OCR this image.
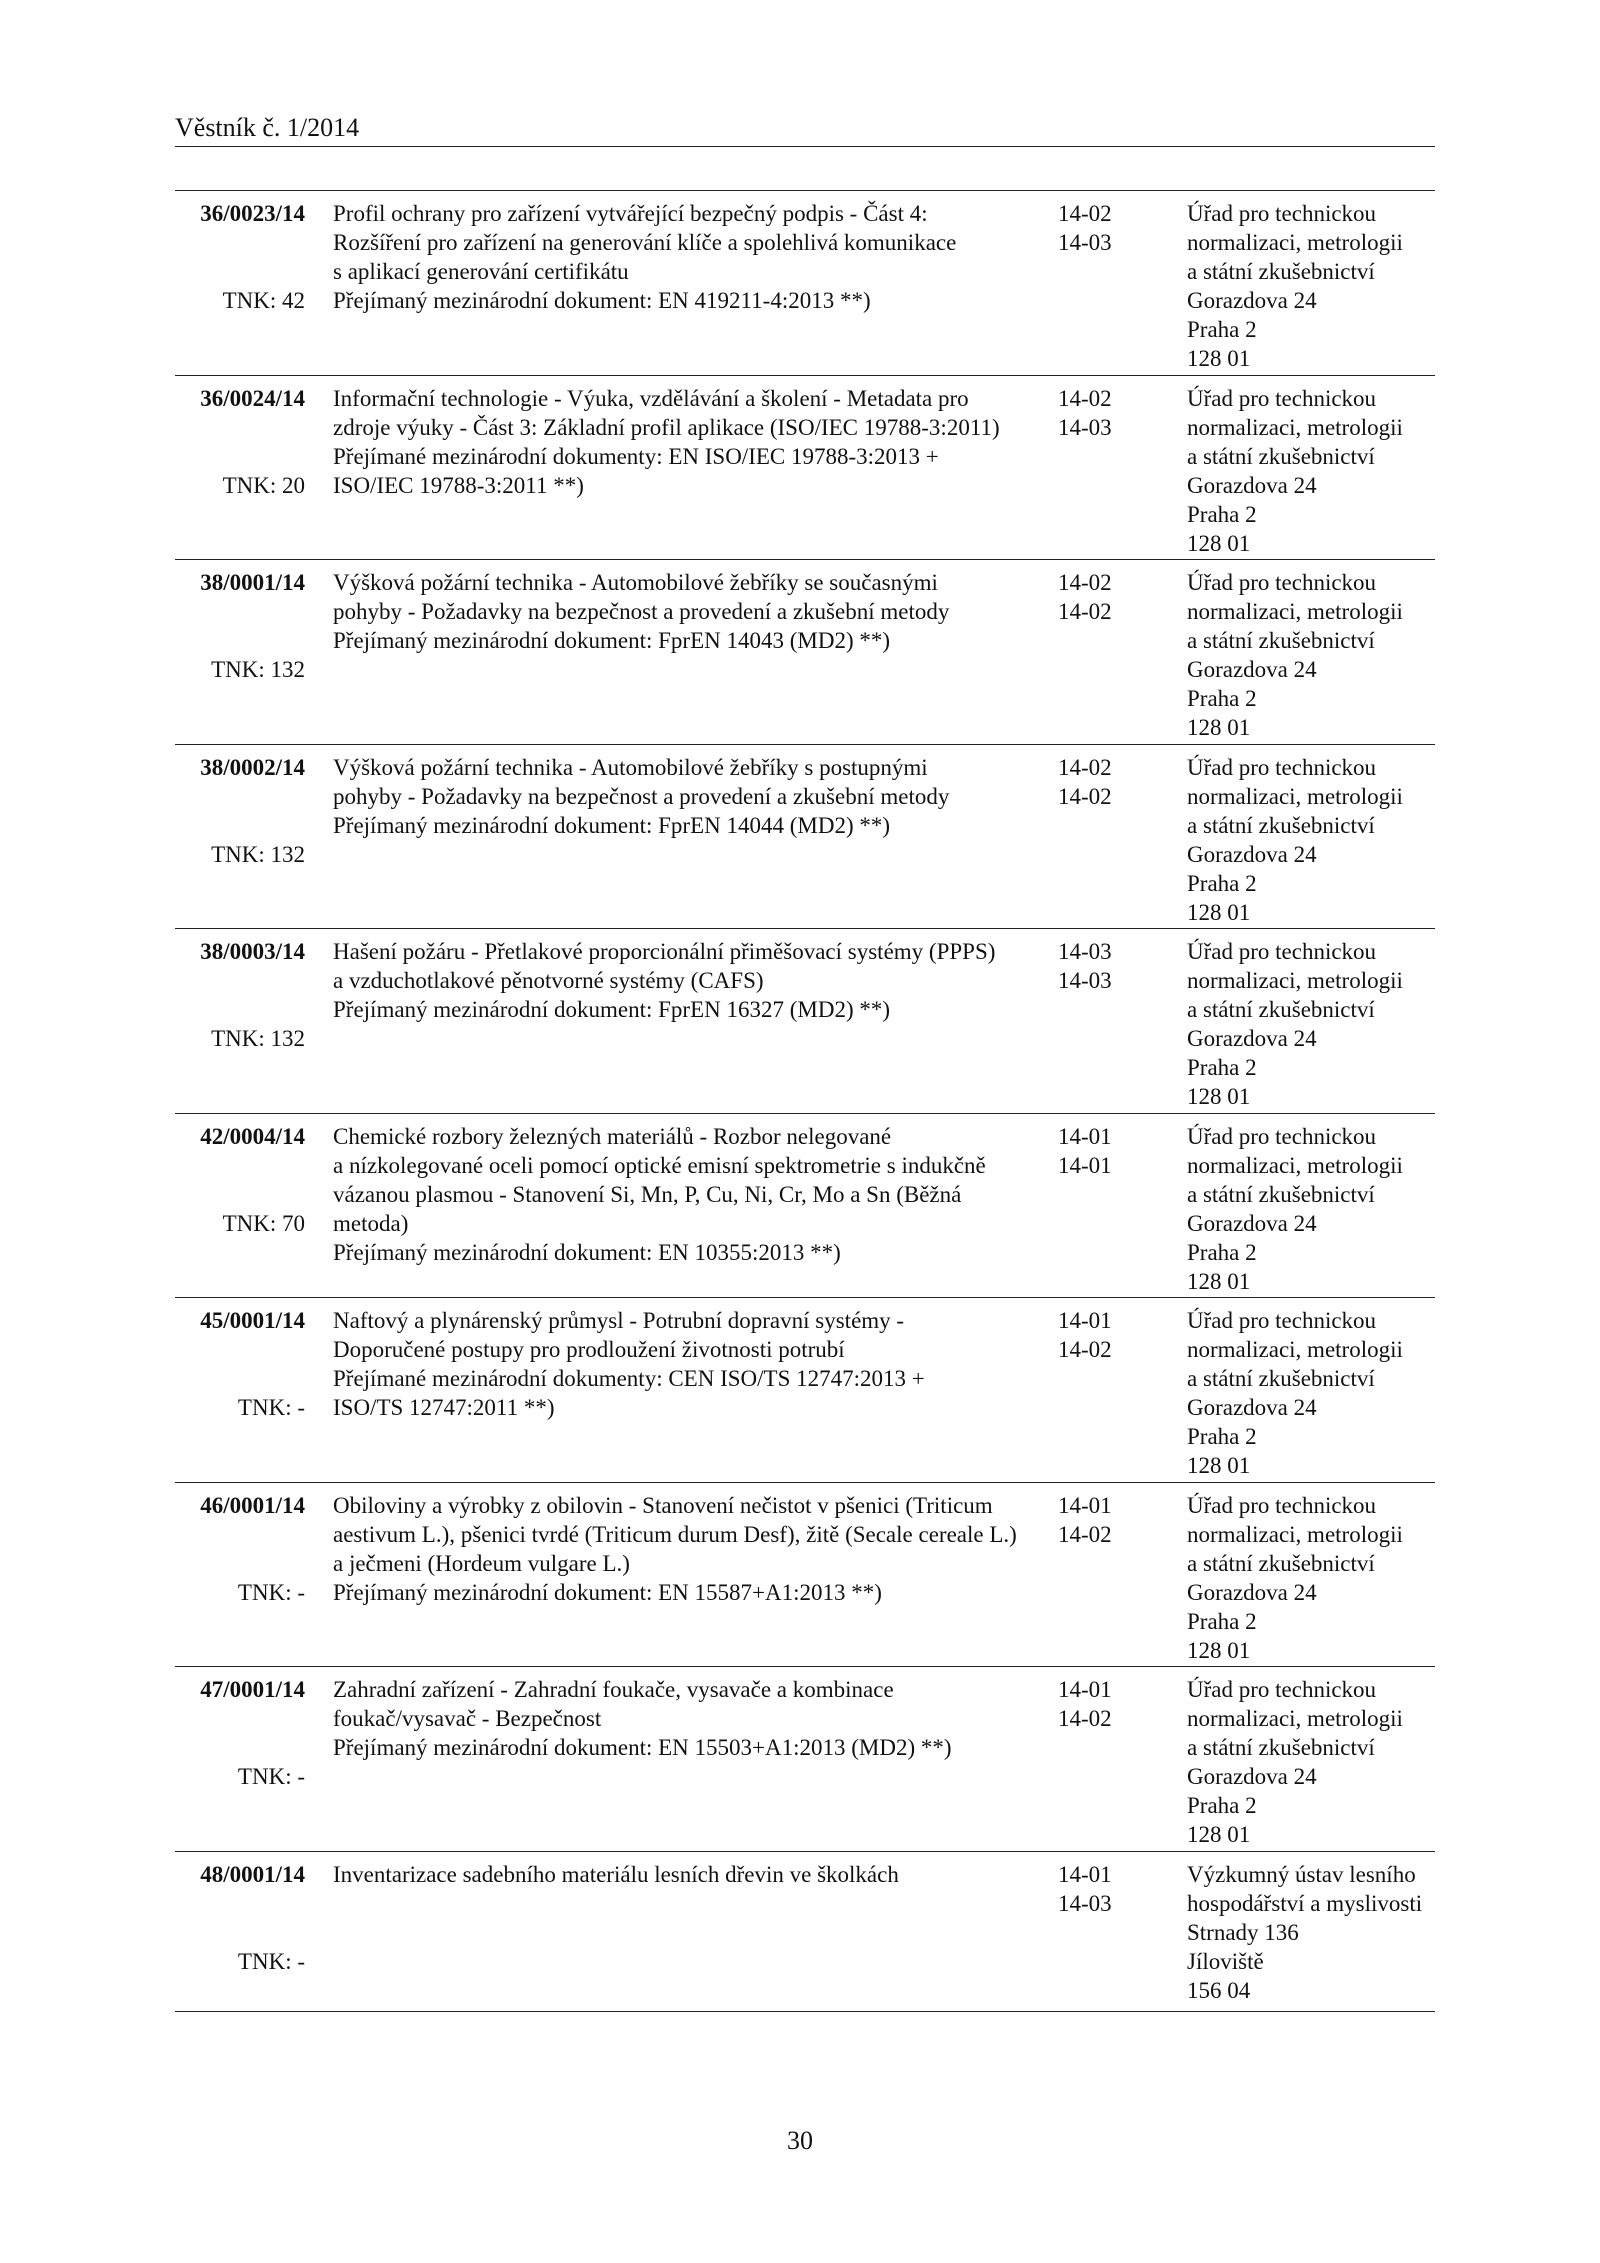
Věstník č. 1/2014
36/0023/14
TNK: 42
Profil ochrany pro zařízení vytvářející bezpečný podpis - Část 4:
Rozšíření pro zařízení na generování klíče a spolehlivá komunikace
s aplikací generování certifikátu
Přejímaný mezinárodní dokument: EN 419211-4:2013 **)
14-02
14-03
Úřad pro technickou
normalizaci, metrologii
a státní zkušebnictví
Gorazdova 24
Praha 2
128 01
36/0024/14
TNK: 20
Informační technologie - Výuka, vzdělávání a školení - Metadata pro
zdroje výuky - Část 3: Základní profil aplikace (ISO/IEC 19788-3:2011)
Přejímané mezinárodní dokumenty: EN ISO/IEC 19788-3:2013 +
ISO/IEC 19788-3:2011 **)
14-02
14-03
Úřad pro technickou
normalizaci, metrologii
a státní zkušebnictví
Gorazdova 24
Praha 2
128 01
38/0001/14
TNK: 132
Výšková požární technika - Automobilové žebříky se současnými
pohyby - Požadavky na bezpečnost a provedení a zkušební metody
Přejímaný mezinárodní dokument: FprEN 14043 (MD2) **)
14-02
14-02
Úřad pro technickou
normalizaci, metrologii
a státní zkušebnictví
Gorazdova 24
Praha 2
128 01
38/0002/14
TNK: 132
Výšková požární technika - Automobilové žebříky s postupnými
pohyby - Požadavky na bezpečnost a provedení a zkušební metody
Přejímaný mezinárodní dokument: FprEN 14044 (MD2) **)
14-02
14-02
Úřad pro technickou
normalizaci, metrologii
a státní zkušebnictví
Gorazdova 24
Praha 2
128 01
38/0003/14
TNK: 132
Hašení požáru - Přetlakové proporcionální přiměšovací systémy (PPPS)
a vzduchotlakové pěnotvorné systémy (CAFS)
Přejímaný mezinárodní dokument: FprEN 16327 (MD2) **)
14-03
14-03
Úřad pro technickou
normalizaci, metrologii
a státní zkušebnictví
Gorazdova 24
Praha 2
128 01
42/0004/14
TNK: 70
Chemické rozbory železných materiálů - Rozbor nelegované
a nízkolegované oceli pomocí optické emisní spektrometrie s indukčně
vázanou plasmou - Stanovení Si, Mn, P, Cu, Ni, Cr, Mo a Sn (Běžná
metoda)
Přejímaný mezinárodní dokument: EN 10355:2013 **)
14-01
14-01
Úřad pro technickou
normalizaci, metrologii
a státní zkušebnictví
Gorazdova 24
Praha 2
128 01
45/0001/14
TNK: -
Naftový a plynárenský průmysl - Potrubní dopravní systémy -
Doporučené postupy pro prodloužení životnosti potrubí
Přejímané mezinárodní dokumenty: CEN ISO/TS 12747:2013 +
ISO/TS 12747:2011 **)
14-01
14-02
Úřad pro technickou
normalizaci, metrologii
a státní zkušebnictví
Gorazdova 24
Praha 2
128 01
46/0001/14
TNK: -
Obiloviny a výrobky z obilovin - Stanovení nečistot v pšenici (Triticum
aestivum L.), pšenici tvrdé (Triticum durum Desf), žitě (Secale cereale L.)
a ječmeni (Hordeum vulgare L.)
Přejímaný mezinárodní dokument: EN 15587+A1:2013 **)
14-01
14-02
Úřad pro technickou
normalizaci, metrologii
a státní zkušebnictví
Gorazdova 24
Praha 2
128 01
47/0001/14
TNK: -
Zahradní zařízení - Zahradní foukače, vysavače a kombinace
foukač/vysavač - Bezpečnost
Přejímaný mezinárodní dokument: EN 15503+A1:2013 (MD2) **)
14-01
14-02
Úřad pro technickou
normalizaci, metrologii
a státní zkušebnictví
Gorazdova 24
Praha 2
128 01
48/0001/14
TNK: -
Inventarizace sadebního materiálu lesních dřevin ve školkách	14-01
14-03
Výzkumný ústav lesního
hospodářství a myslivosti
Strnady 136
Jíloviště
156 04
30
